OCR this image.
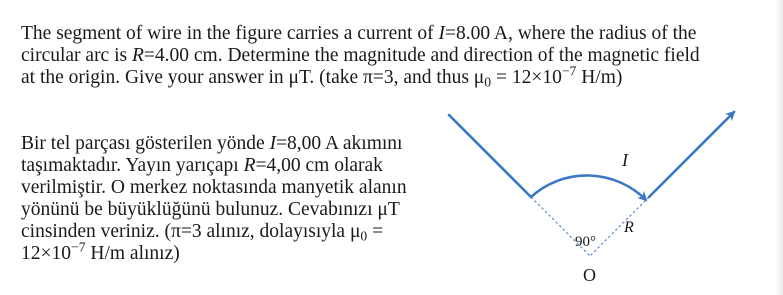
The segment of wire in the figure carries a current of I=8.00 A, where the radius of the
circular arc is R=4.00 cm. Determine the magnitude and direction of the magnetic field
at the origin. Give your answer in μT. (take π=3, and thus $\mu_0 = 12\times 10^{-7}$ H/m)

Bir tel parçası gösterilen yönde I=8,00 A akımını
taşımaktadır. Yayın yarıçapı R=4,00 cm olarak
verilmiştir. O merkez noktasında manyetik alanın
yönünü be büyüklüğünü bulunuz. Cevabınızı μT
cinsinden veriniz. (π=3 alınız, dolayısıyla $\mu_0$ =
$12\times 10^{-7}$ H/m alınız)

I
R
90°
O
